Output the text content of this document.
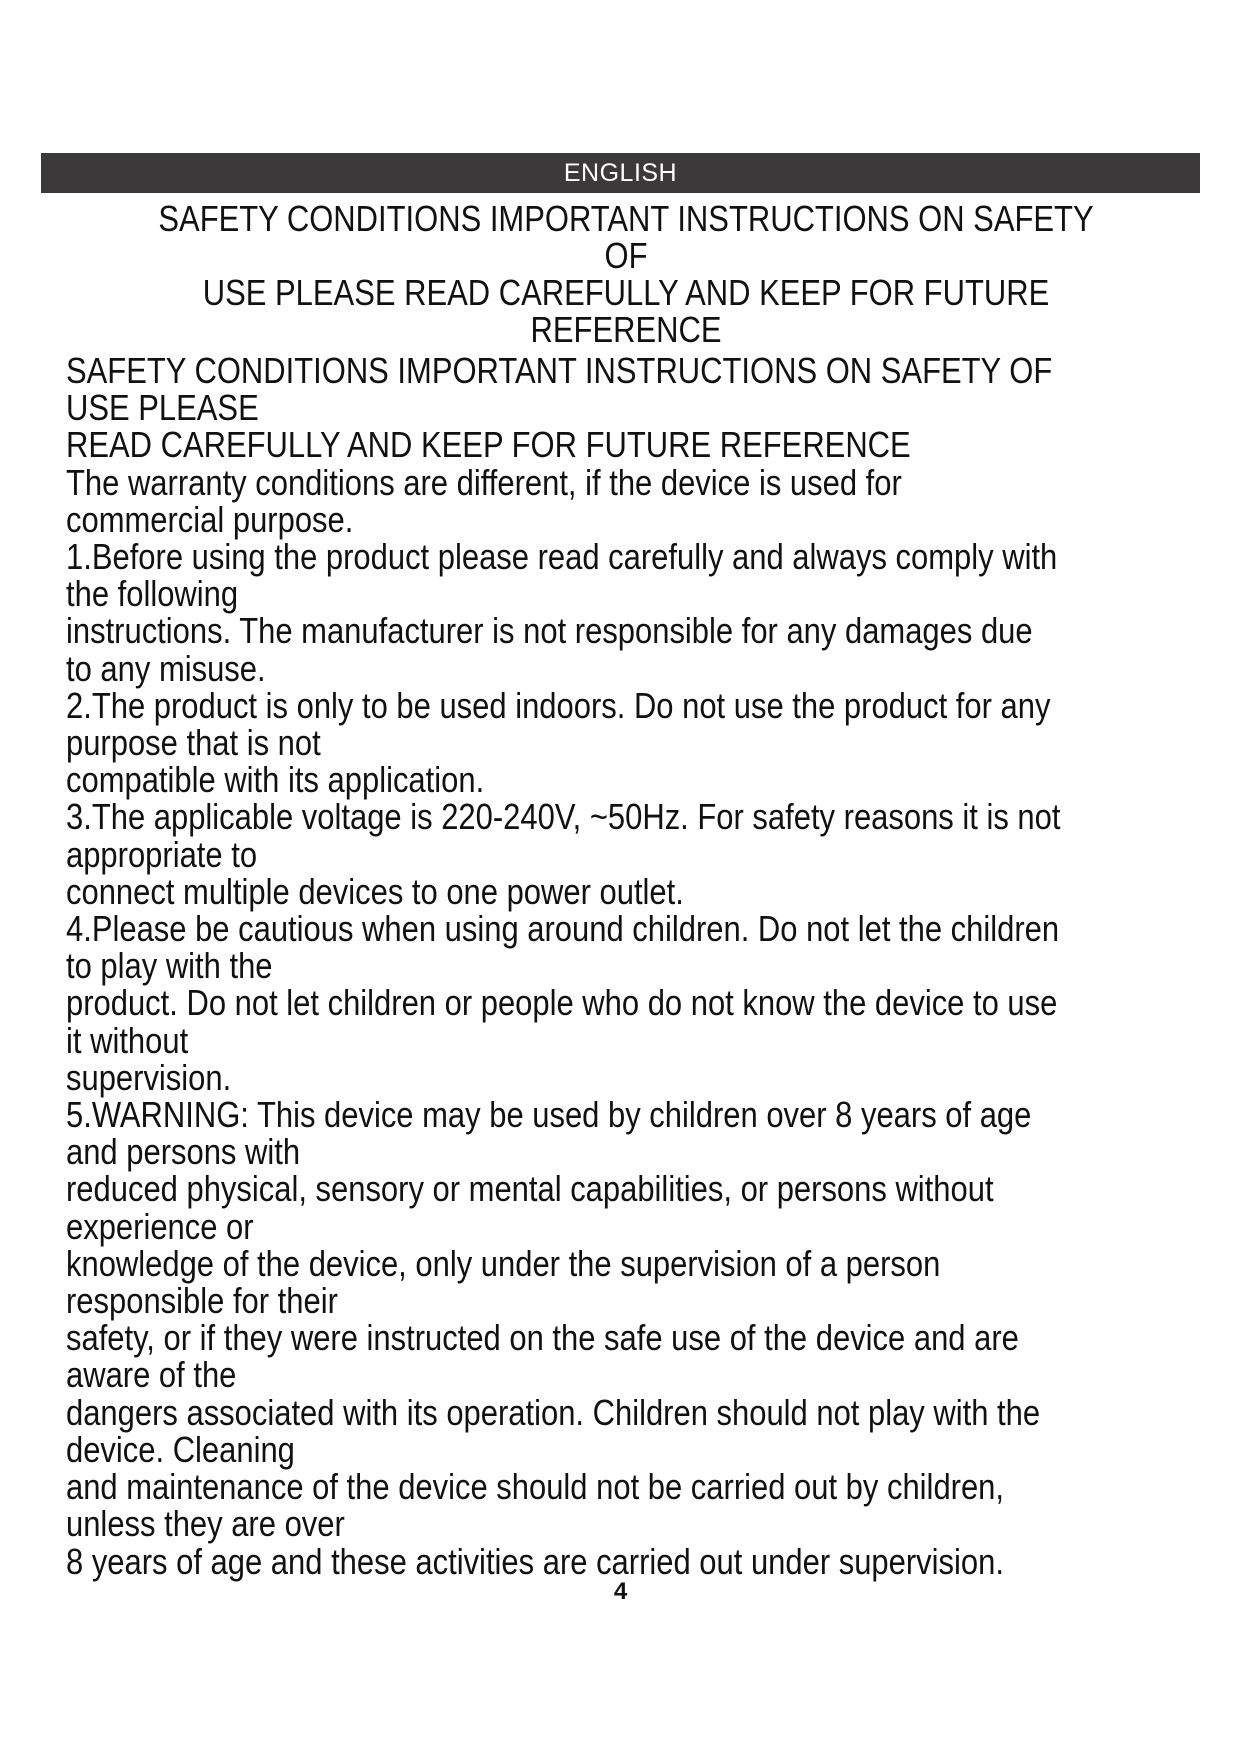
ENGLISH

SAFETY CONDITIONS IMPORTANT INSTRUCTIONS ON SAFETY OF

USE PLEASE READ CAREFULLY AND KEEP FOR FUTURE

REFERENCE

SAFETY CONDITIONS IMPORTANT INSTRUCTIONS ON SAFETY OF

USE PLEASE

READ CAREFULLY AND KEEP FOR FUTURE REFERENCE

The warranty conditions are different, if the device is used for

commercial purpose.

1.Before using the product please read carefully and always comply with

the following

instructions. The manufacturer is not responsible for any damages due

to any misuse.

2.The product is only to be used indoors. Do not use the product for any

purpose that is not

compatible with its application.

3.The applicable voltage is 220-240V, ~50Hz. For safety reasons it is not

appropriate to

connect multiple devices to one power outlet.

4.Please be cautious when using around children. Do not let the children

to play with the

product. Do not let children or people who do not know the device to use

it without

supervision.

5.WARNING: This device may be used by children over 8 years of age

and persons with

reduced physical, sensory or mental capabilities, or persons without

experience or

knowledge of the device, only under the supervision of a person

responsible for their

safety, or if they were instructed on the safe use of the device and are

aware of the

dangers associated with its operation. Children should not play with the

device. Cleaning

and maintenance of the device should not be carried out by children,

unless they are over

8 years of age and these activities are carried out under supervision.

4
